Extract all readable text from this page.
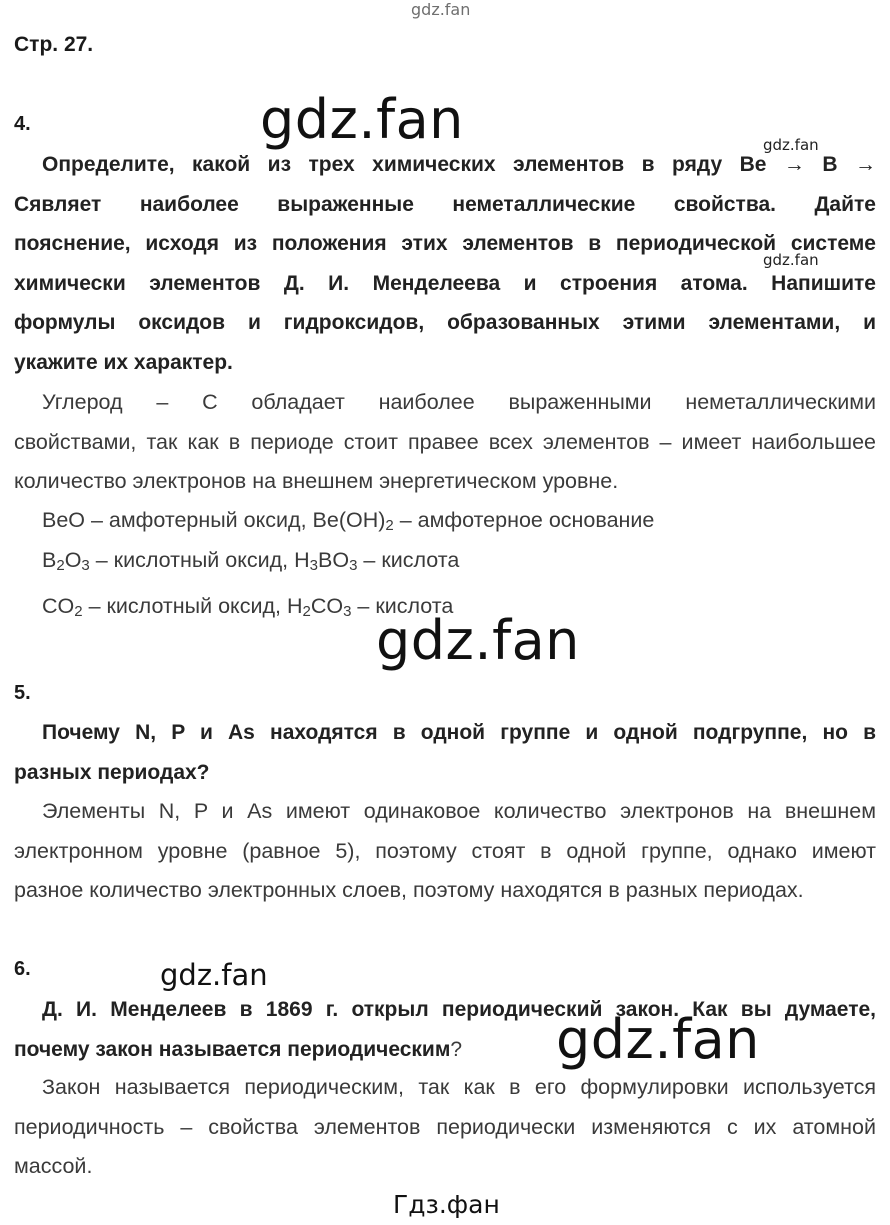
gdz.fan
gdz.fan	gdz.fan
gdz.fan
gdz.fan
gdz.fan
gdz.fan
Гдз.фан
Стр. 27.
4.
Определите, какой из трех химических элементов в ряду Be → B →
Сявляет наиболее выраженные неметаллические свойства. Дайте
пояснение, исходя из положения этих элементов в периодической системе
химически элементов Д. И. Менделеева и строения атома. Напишите
формулы оксидов и гидроксидов, образованных этими элементами, и
укажите их характер.
Углерод – С обладает наиболее выраженными неметаллическими
свойствами, так как в периоде стоит правее всех элементов – имеет наибольшее
количество электронов на внешнем энергетическом уровне.
BeO – амфотерный оксид, $Be(OH)_2$ – амфотерное основание
$B_2O_3$ – кислотный оксид, $H_3BO_3$ – кислота
$CO_2$ – кислотный оксид, $H_2CO_3$ – кислота
5.
Почему N, P и As находятся в одной группе и одной подгруппе, но в
разных периодах?
Элементы N, P и As имеют одинаковое количество электронов на внешнем
электронном уровне (равное 5), поэтому стоят в одной группе, однако имеют
разное количество электронных слоев, поэтому находятся в разных периодах.
6.
Д. И. Менделеев в 1869 г. открыл периодический закон. Как вы думаете,
почему закон называется периодическим?
Закон называется периодическим, так как в его формулировки используется
периодичность – свойства элементов периодически изменяются с их атомной
массой.
